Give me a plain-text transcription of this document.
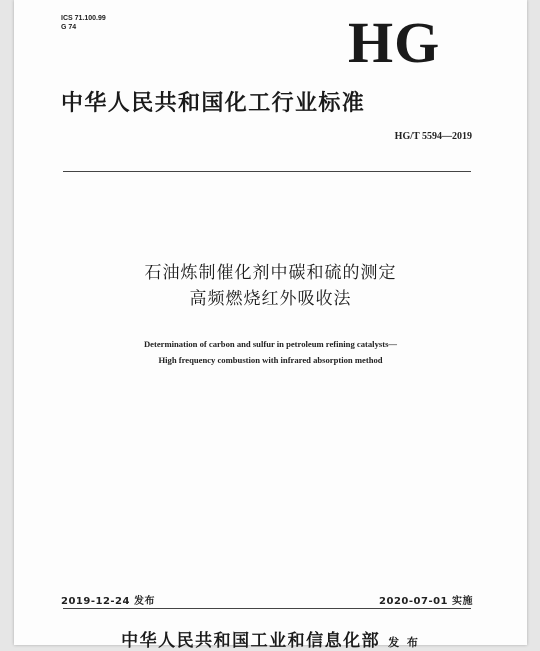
ICS 71.100.99
G 74	HG
中华人民共和国化工行业标准
HG/T 5594—2019
石油炼制催化剂中碳和硫的测定
高频燃烧红外吸收法
Determination of carbon and sulfur in petroleum refining catalysts—
High frequency combustion with infrared absorption method
2019-12-24 发布	2020-07-01 实施
中华人民共和国工业和信息化部 发 布
